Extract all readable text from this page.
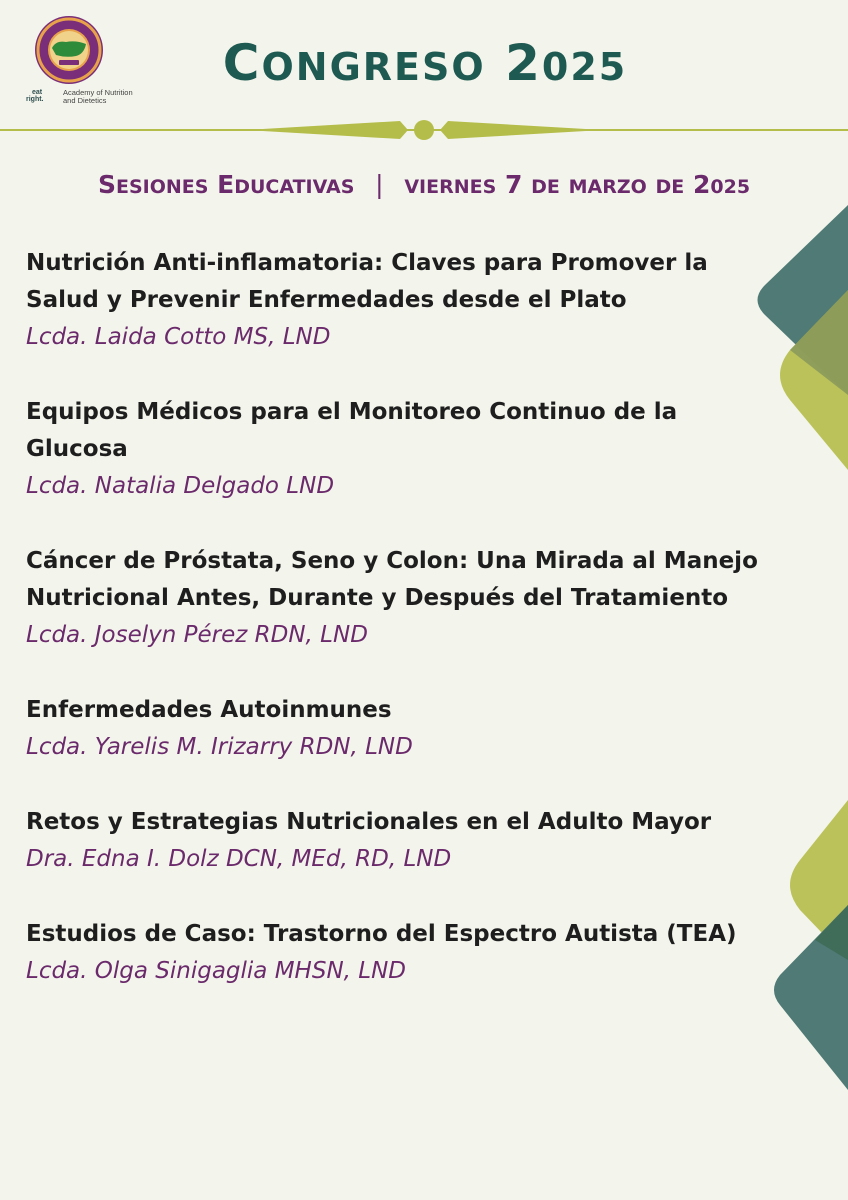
eat
right.
Academy of Nutrition
and Dietetics
CONGRESO 2025
SESIONES EDUCATIVAS | VIERNES 7 DE MARZO DE 2025
Nutrición Anti-inflamatoria: Claves para Promover la Salud y Prevenir Enfermedades desde el Plato
Lcda. Laida Cotto MS, LND
Equipos Médicos para el Monitoreo Continuo de la Glucosa
Lcda. Natalia Delgado LND
Cáncer de Próstata, Seno y Colon: Una Mirada al Manejo Nutricional Antes, Durante y Después del Tratamiento
Lcda. Joselyn Pérez RDN, LND
Enfermedades Autoinmunes
Lcda. Yarelis M. Irizarry RDN, LND
Retos y Estrategias Nutricionales en el Adulto Mayor
Dra. Edna I. Dolz DCN, MEd, RD, LND
Estudios de Caso: Trastorno del Espectro Autista (TEA)
Lcda. Olga Sinigaglia MHSN, LND
